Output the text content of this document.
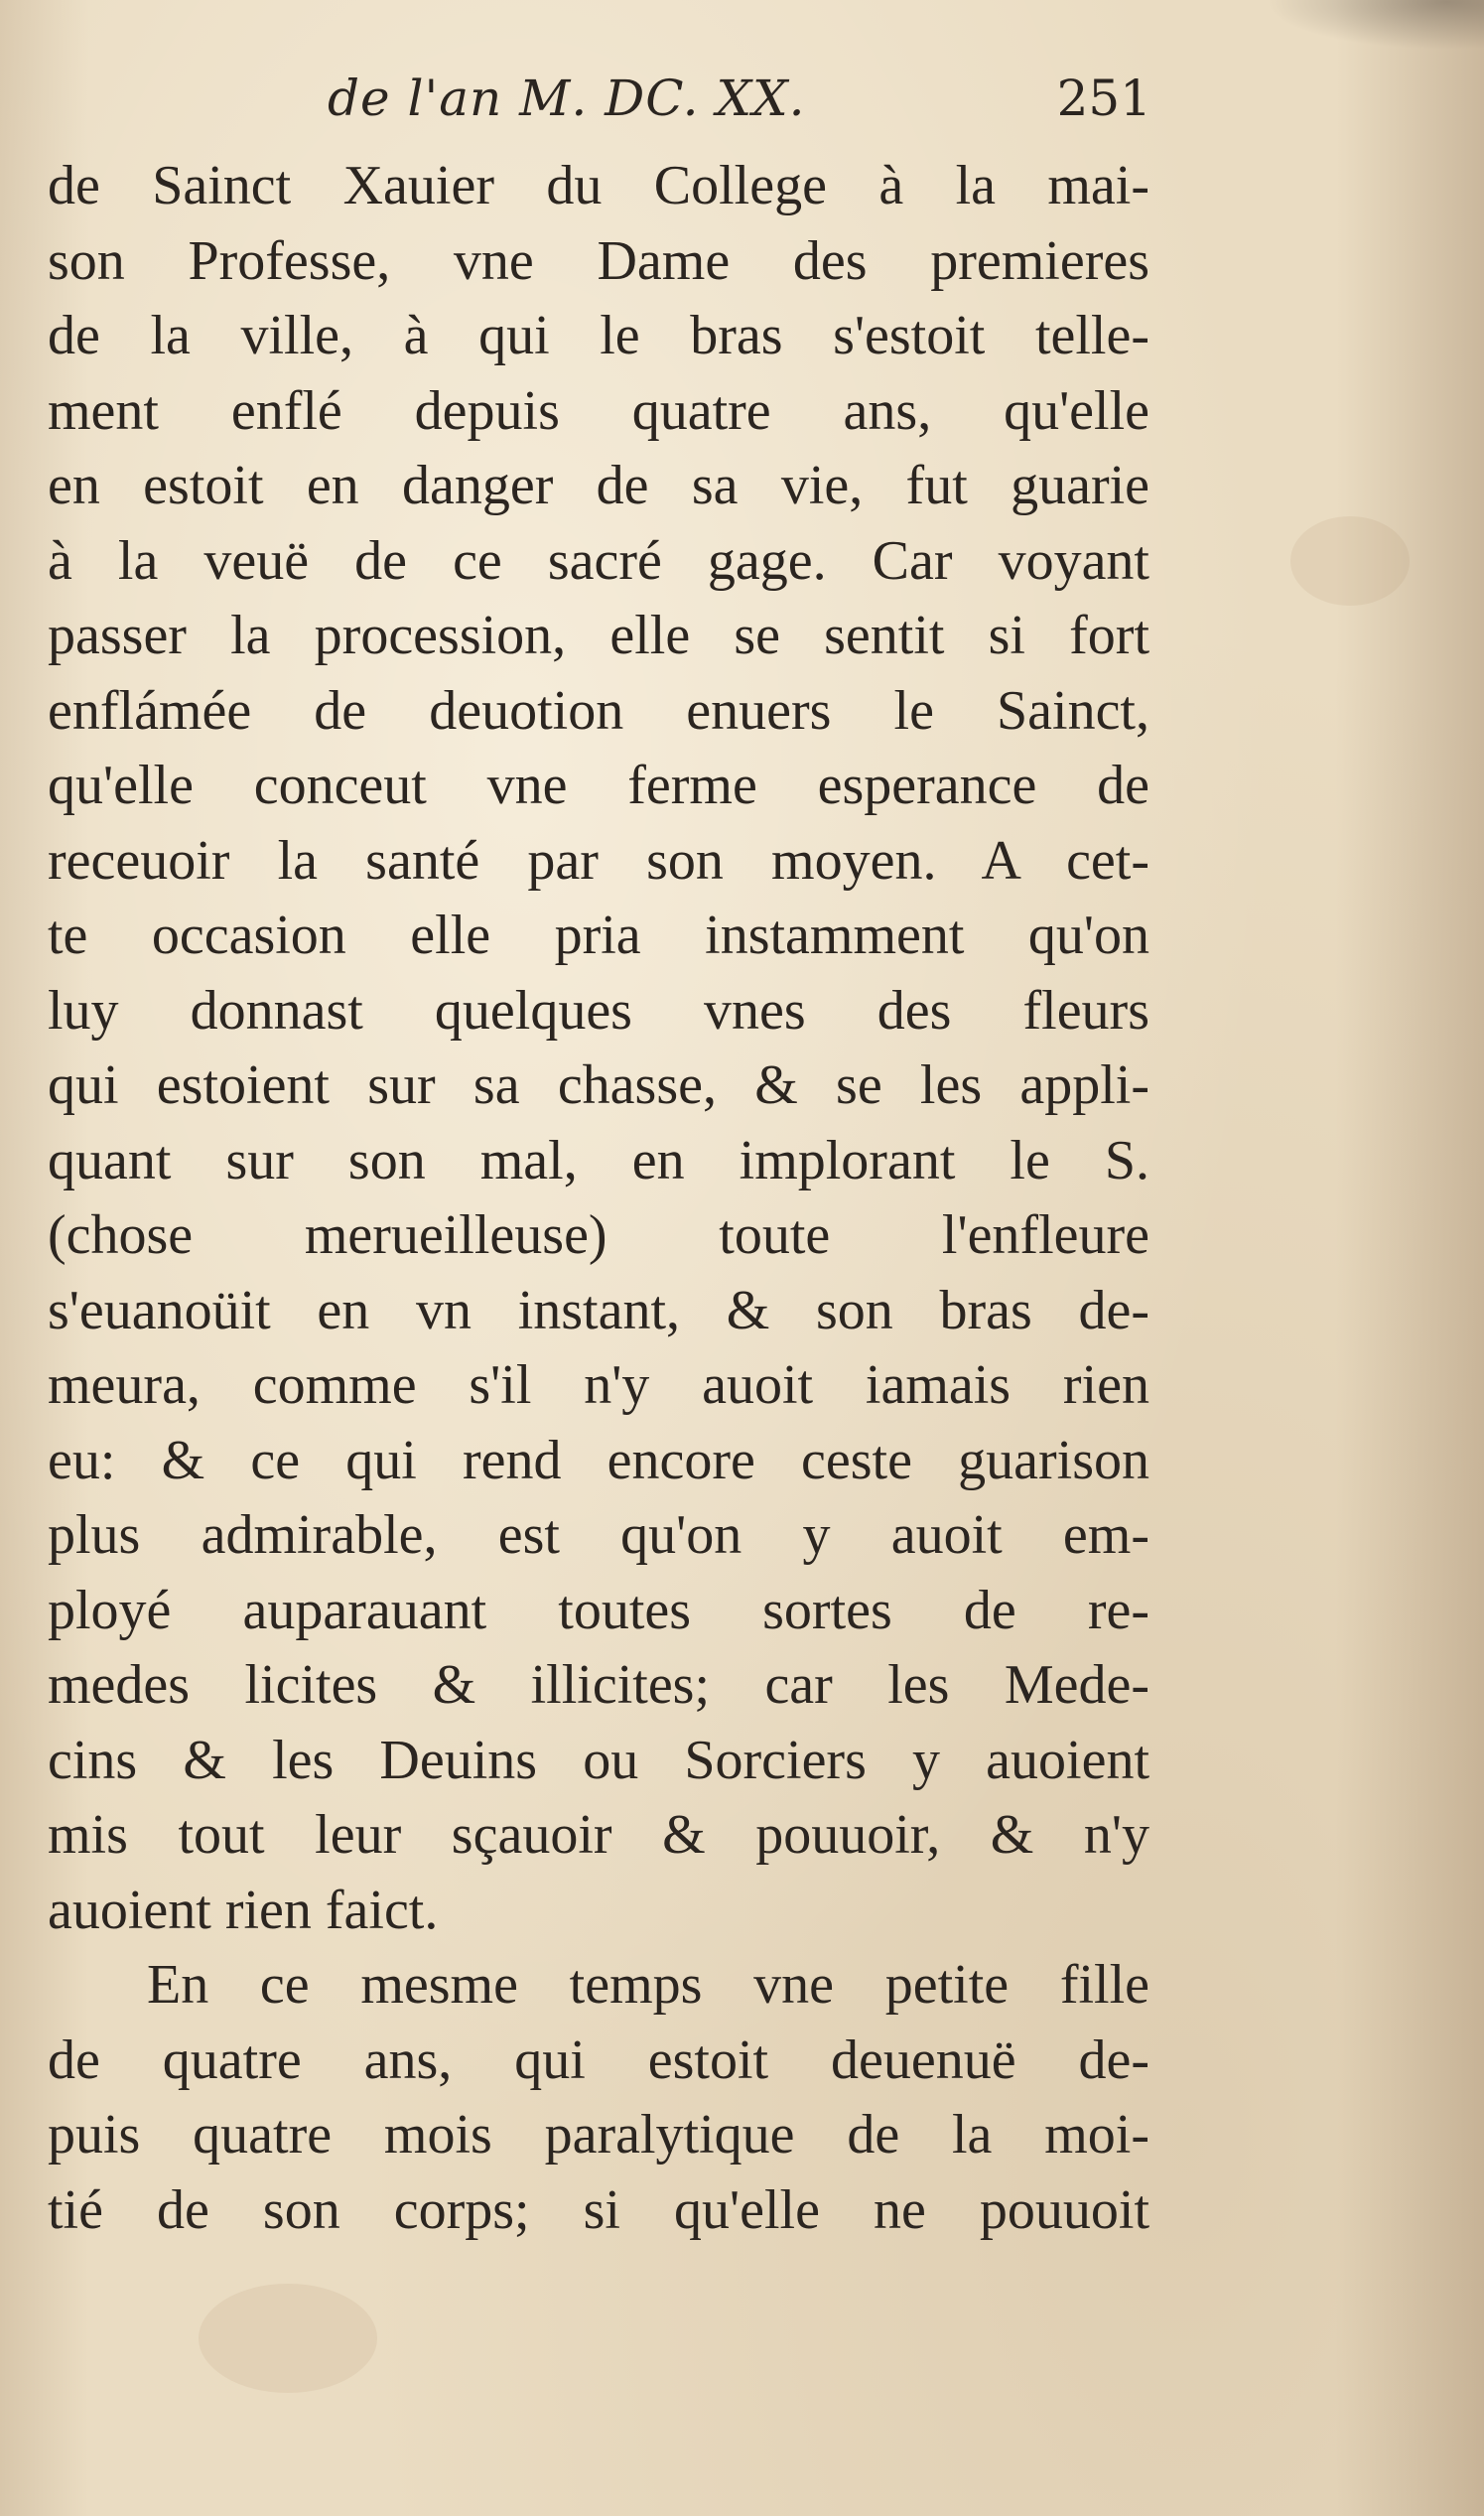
de l'an M. DC. XX.	251
de Sainct Xauier du College à la mai-
son Professe, vne Dame des premieres
de la ville, à qui le bras s'estoit telle-
ment enflé depuis quatre ans, qu'elle
en estoit en danger de sa vie, fut guarie
à la veuë de ce sacré gage. Car voyant
passer la procession, elle se sentit si fort
enflámée de deuotion enuers le Sainct,
qu'elle conceut vne ferme esperance de
receuoir la santé par son moyen. A cet-
te occasion elle pria instamment qu'on
luy donnast quelques vnes des fleurs
qui estoient sur sa chasse, & se les appli-
quant sur son mal, en implorant le S.
(chose merueilleuse) toute l'enfleure
s'euanoüit en vn instant, & son bras de-
meura, comme s'il n'y auoit iamais rien
eu: & ce qui rend encore ceste guarison
plus admirable, est qu'on y auoit em-
ployé auparauant toutes sortes de re-
medes licites & illicites; car les Mede-
cins & les Deuins ou Sorciers y auoient
mis tout leur sçauoir & pouuoir, & n'y
auoient rien faict.
En ce mesme temps vne petite fille
de quatre ans, qui estoit deuenuë de-
puis quatre mois paralytique de la moi-
tié de son corps; si qu'elle ne pouuoit
